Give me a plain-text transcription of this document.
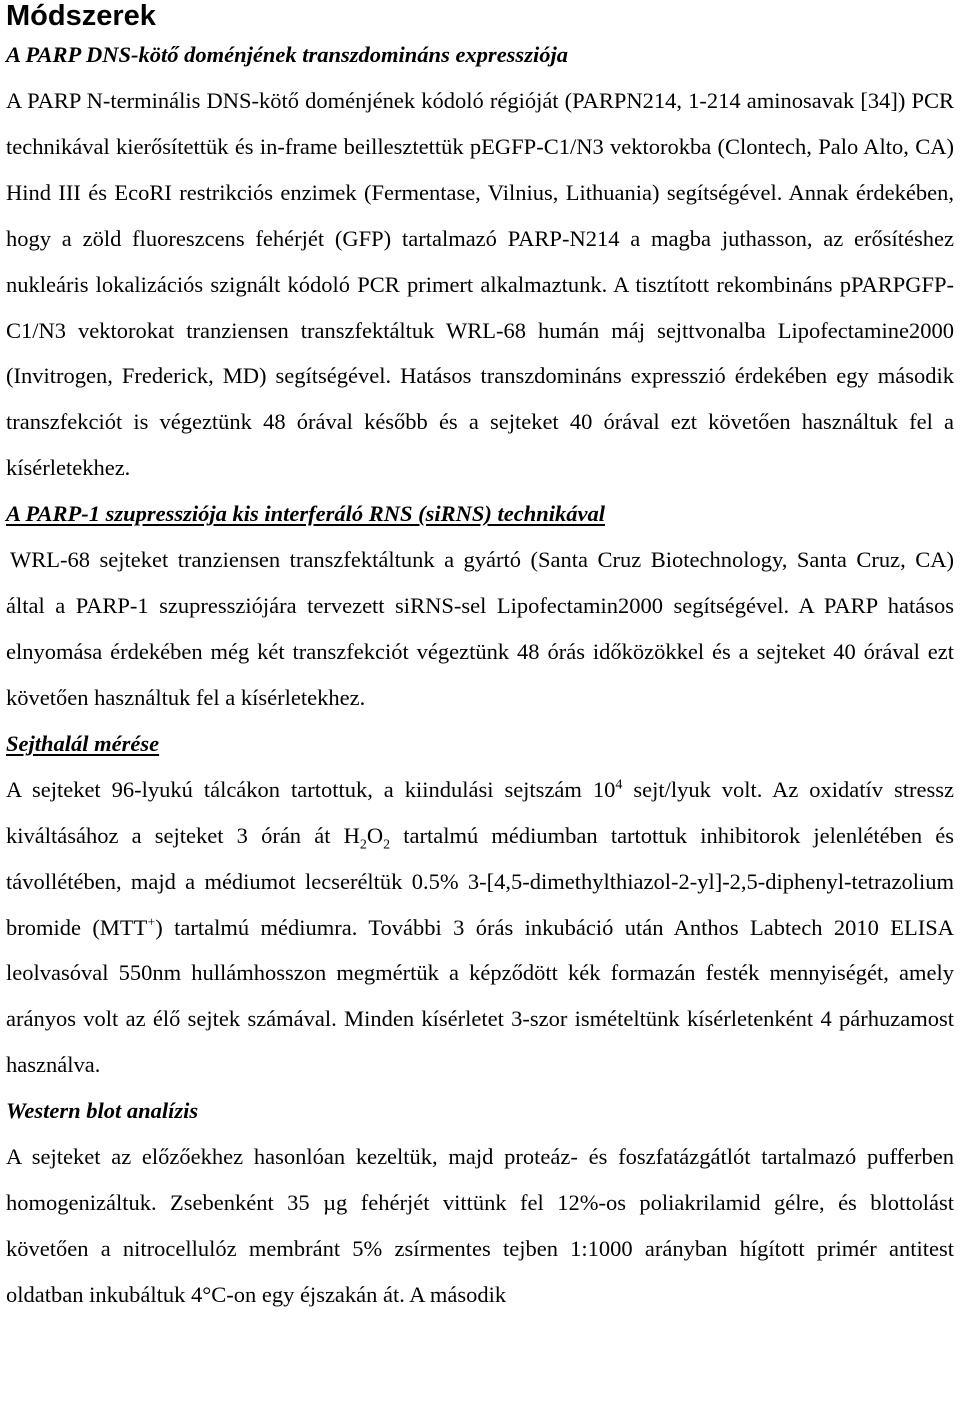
Módszerek
A PARP DNS-kötő doménjének transzdomináns expressziója

A PARP N-terminális DNS-kötő doménjének kódoló régióját (PARPN214, 1-214 aminosavak [34]) PCR technikával kierősítettük és in-frame beillesztettük pEGFP-C1/N3 vektorokba (Clontech, Palo Alto, CA) Hind III és EcoRI restrikciós enzimek (Fermentase, Vilnius, Lithuania) segítségével. Annak érdekében, hogy a zöld fluoreszcens fehérjét (GFP) tartalmazó PARP-N214 a magba juthasson, az erősítéshez nukleáris lokalizációs szignált kódoló PCR primert alkalmaztunk. A tisztított rekombináns pPARPGFP-C1/N3 vektorokat tranziensen transzfektáltuk WRL-68 humán máj sejttvonalba Lipofectamine2000 (Invitrogen, Frederick, MD) segítségével. Hatásos transzdomináns expresszió érdekében egy második transzfekciót is végeztünk 48 órával később és a sejteket 40 órával ezt követően használtuk fel a kísérletekhez.

A PARP-1 szupressziója kis interferáló RNS (siRNS) technikával

WRL-68 sejteket tranziensen transzfektáltunk a gyártó (Santa Cruz Biotechnology, Santa Cruz, CA) által a PARP-1 szupressziójára tervezett siRNS-sel Lipofectamin2000 segítségével. A PARP hatásos elnyomása érdekében még két transzfekciót végeztünk 48 órás időközökkel és a sejteket 40 órával ezt követően használtuk fel a kísérletekhez.

Sejthalál mérése

A sejteket 96-lyukú tálcákon tartottuk, a kiindulási sejtszám $10^4$ sejt/lyuk volt. Az oxidatív stressz kiváltásához a sejteket 3 órán át $H_2O_2$ tartalmú médiumban tartottuk inhibitorok jelenlétében és távollétében, majd a médiumot lecseréltük 0.5% 3-[4,5-dimethylthiazol-2-yl]-2,5-diphenyl-tetrazolium bromide (MTT+) tartalmú médiumra. További 3 órás inkubáció után Anthos Labtech 2010 ELISA leolvasóval 550nm hullámhosszon megmértük a képződött kék formazán festék mennyiségét, amely arányos volt az élő sejtek számával. Minden kísérletet 3-szor ismételtünk kísérletenként 4 párhuzamost használva.

Western blot analízis

A sejteket az előzőekhez hasonlóan kezeltük, majd proteáz- és foszfatázgátlót tartalmazó pufferben homogenizáltuk. Zsebenként 35 µg fehérjét vittünk fel 12%-os poliakrilamid gélre, és blottolást követően a nitrocellulóz membránt 5% zsírmentes tejben 1:1000 arányban hígított primér antitest oldatban inkubáltuk 4°C-on egy éjszakán át. A második
